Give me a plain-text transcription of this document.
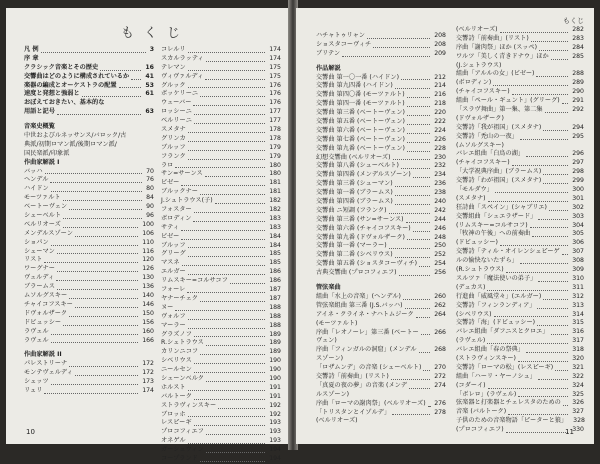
もくじ
凡 例	3
序 章
クラシック音楽とその歴史	16
交響曲はどのように構成されているか	41
楽器の編成とオーケストラの配置	53
速度と発想と強弱と	61
おぼえておきたい、基本的な
用語と記号	63
音楽史概覧
中世およびルネッサンス/バロック/古
典派/初期ロマン派/後期ロマン派/
国民楽派/印象派
作曲家解説 I
バッハ	70
ヘンデル	76
ハイドン	80
モーツァルト	84
ベートーヴェン	90
シューベルト	96
ベルリオーズ	100
メンデルスゾーン	106
ショパン	110
シューマン	116
リスト	120
ワーグナー	126
ヴェルディ	130
ブラームス	136
ムソルグスキー	140
チャイコフスキー	146
ドヴォルザーク	150
ドビュッシー	156
ラヴェル	160
ラヴェル	166
作曲家解説 II
パレストリーナ	172
モンテヴェルディ	172
シュッツ	173
リュリ	174
コレルリ	174
スカルラッティ	174
テレマン	175
ヴィヴァルディ	175
グルック	176
ボッケリーニ	176
ウェーバー	176
ロッシーニ	177
ベルリーニ	177
スメタナ	178
グリンカ	178
ブルッフ	179
フランク	179
ラロ	180
サン=サーンス	180
ビゼー	181
ブルックナー	181
J.シュトラウス(子)	182
フォスター	182
ボロディン	183
サティ	183
ビゼー	184
ブルッフ	184
グリーグ	185
マスネ	185
エルガー	186
リムスキー=コルサコフ	186
フォーレ	187
ヤナーチェク	187
ヌー	188
ヴォルフ	188
マーラー	188
グラズノフ	189
R.シュトラウス	189
カリンニコフ	189
シベリウス	190
ニールセン	190
シェーンベルク	190
ホルスト	191
バルトーク	191
ストラヴィンスキー	192
ブロッホ	192
レスピーギ	193
プロコフィエフ	193
オネゲル	193
ガーシュウィン	194
コープランド	194
10
もくじ
ハチャトゥリャン	208
ショスタコーヴィチ	208
ブリテン	209
作品解説
交響曲 第一〇一番 (ハイドン)	212
交響曲 第九四番 (ハイドン)	214
交響曲 第四〇番 (モーツァルト)	216
交響曲 第四一番 (モーツァルト)	218
交響曲 第三番 (ベートーヴェン)	220
交響曲 第五番 (ベートーヴェン)	222
交響曲 第六番 (ベートーヴェン)	224
交響曲 第七番 (ベートーヴェン)	226
交響曲 第九番 (ベートーヴェン)	228
幻想交響曲 (ベルリオーズ)	230
交響曲 第八番 (シューベルト)	232
交響曲 第四番 (メンデルスゾーン)	234
交響曲 第三番 (シューマン)	236
交響曲 第一番 (ブラームス)	238
交響曲 第四番 (ブラームス)	240
交響曲 ニ短調 (フランク)	242
交響曲 第三番 (サン=サーンス)	244
交響曲 第六番 (チャイコフスキー)	246
交響曲 第九番 (ドヴォルザーク)	248
交響曲 第一番 (マーラー)	250
交響曲 第二番 (シベリウス)	252
交響曲 第五番 (ショスタコーヴィチ)	254
古典交響曲 (プロコフィエフ)	256
管弦楽曲
組曲「水上の音楽」(ヘンデル)	260
管弦楽組曲 第三番 (J.S.バッハ)	262
アイネ・クライネ・ナハトムジーク	264
(モーツァルト)
序曲「レオノーレ」第三番 (ベートー 266
ヴェン)
序曲「フィンガルの洞窟」(メンデル	268
スゾーン)
「ロザムンデ」の音楽 (シューベルト) 270
交響詩「前奏曲」(リスト)	272
「真夏の夜の夢」の音楽 (メンデ	274
ルスゾーン)
序曲「ローマの謝肉祭」(ベルリオーズ) 276
「トリスタンとイゾルデ」	278
(ベルリオーズ)
(ベルリオーズ)	282
交響詩「前奏曲」(リスト)	283
序曲「謝肉祭」ほか (スッペ)	284
ワルツ「美しく青きドナウ」ほか	285
(J.シュトラウス)
組曲「アルルの女」(ビゼー)	288
(ボロディン)	289
(チャイコフスキー)	290
組曲「ペール・ギュント」(グリーグ) 291
「スラヴ舞曲」第一集、第二集	292
(ドヴォルザーク)
交響詩「我が祖国」(スメタナ)	294
交響詩「禿山の一夜」	295
(ムソルグスキー)
バレエ組曲「白鳥の湖」	296
(チャイコフスキー)	297
「大学祝典序曲」(ブラームス)	298
交響詩「わが祖国」(スメタナ)	299
「モルダウ」	300
(スメタナ)	301
狂詩曲「スペイン」(シャブリエ)	302
交響組曲「シェエラザード」	303
(リムスキー=コルサコフ)	304
「牧神の午後」への前奏曲	305
(ドビュッシー)	306
交響詩「ティル・オイレンシュピーゲ 307
ルの愉快ないたずら」	308
(R.シュトラウス)	309
スルツァ「魔法使いの弟子」	310
(デュカス)	311
行進曲「威風堂々」(エルガー)	312
交響詩「フィンランディア」	313
(シベリウス)	314
交響詩「海」(ドビュッシー)	315
バレエ組曲「ダフニスとクロエ」	316
(ラヴェル)	317
バレエ組曲「春の祭典」	318
(ストラヴィンスキー)	320
交響詩「ローマの松」(レスピーギ)	321
組曲「ハーリ・ヤーノシュ」	322
(コダーイ)	324
「ボレロ」(ラヴェル)	325
弦楽器と打楽器とチェレスタのための 326
音楽 (バルトーク)	327
子供のための音楽物語「ピーターと狼」 328
(プロコフィエフ)	330
11
